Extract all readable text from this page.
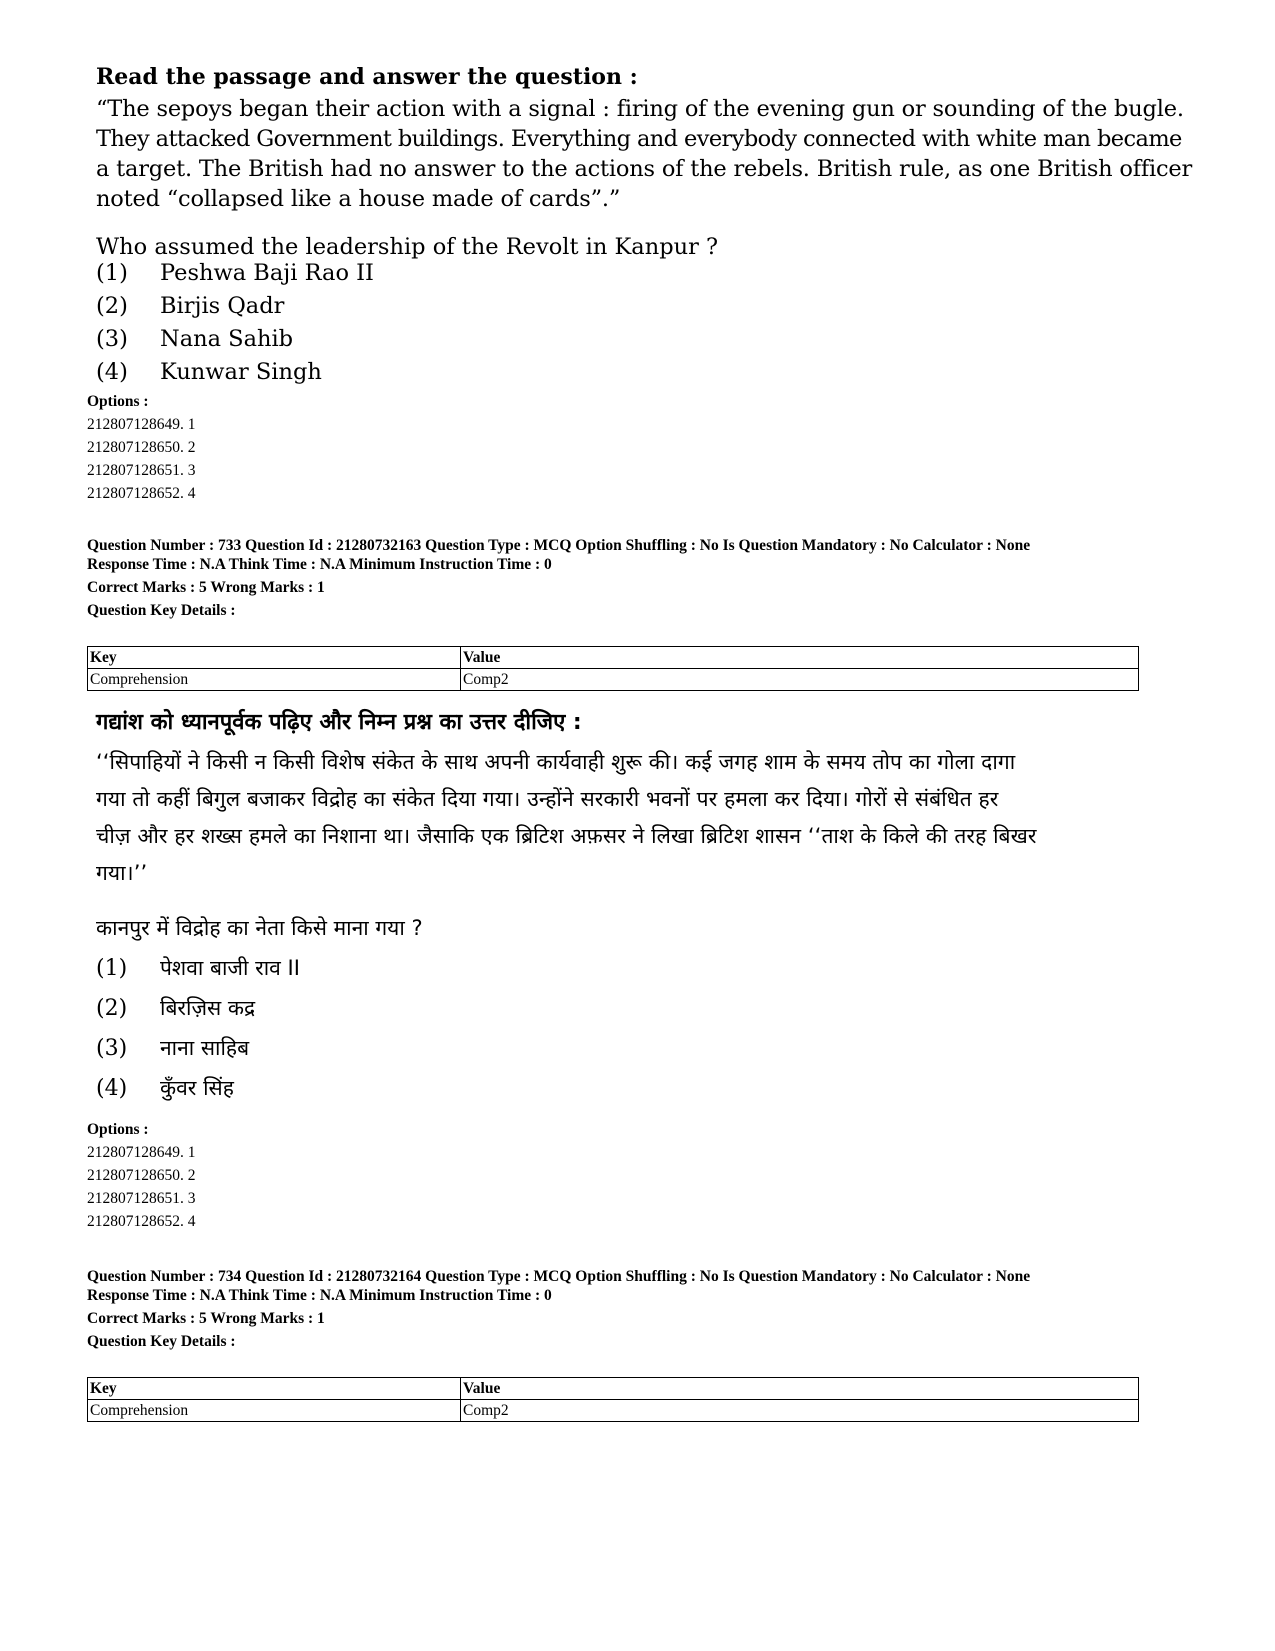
Read the passage and answer the question :
“The sepoys began their action with a signal : firing of the evening gun or sounding of the bugle.
They attacked Government buildings. Everything and everybody connected with white man became
a target. The British had no answer to the actions of the rebels. British rule, as one British officer
noted “collapsed like a house made of cards”.”
Who assumed the leadership of the Revolt in Kanpur ?
(1)	Peshwa Baji Rao II
(2)	Birjis Qadr
(3)	Nana Sahib
(4)	Kunwar Singh
Options :
212807128649. 1
212807128650. 2
212807128651. 3
212807128652. 4
Question Number : 733 Question Id : 21280732163 Question Type : MCQ Option Shuffling : No Is Question Mandatory : No Calculator : None
Response Time : N.A Think Time : N.A Minimum Instruction Time : 0
Correct Marks : 5 Wrong Marks : 1
Question Key Details :
Key	Value
Comprehension	Comp2
गद्यांश को ध्यानपूर्वक पढ़िए और निम्न प्रश्न का उत्तर दीजिए :
‘‘सिपाहियों ने किसी न किसी विशेष संकेत के साथ अपनी कार्यवाही शुरू की। कई जगह शाम के समय तोप का गोला दागा
गया तो कहीं बिगुल बजाकर विद्रोह का संकेत दिया गया। उन्होंने सरकारी भवनों पर हमला कर दिया। गोरों से संबंधित हर
चीज़ और हर शख्स हमले का निशाना था। जैसाकि एक ब्रिटिश अफ़सर ने लिखा ब्रिटिश शासन ‘‘ताश के किले की तरह बिखर
गया।’’
कानपुर में विद्रोह का नेता किसे माना गया ?
(1)	पेशवा बाजी राव II
(2)	बिरज़िस कद्र
(3)	नाना साहिब
(4)	कुँवर सिंह
Options :
212807128649. 1
212807128650. 2
212807128651. 3
212807128652. 4
Question Number : 734 Question Id : 21280732164 Question Type : MCQ Option Shuffling : No Is Question Mandatory : No Calculator : None
Response Time : N.A Think Time : N.A Minimum Instruction Time : 0
Correct Marks : 5 Wrong Marks : 1
Question Key Details :
Key	Value
Comprehension	Comp2
